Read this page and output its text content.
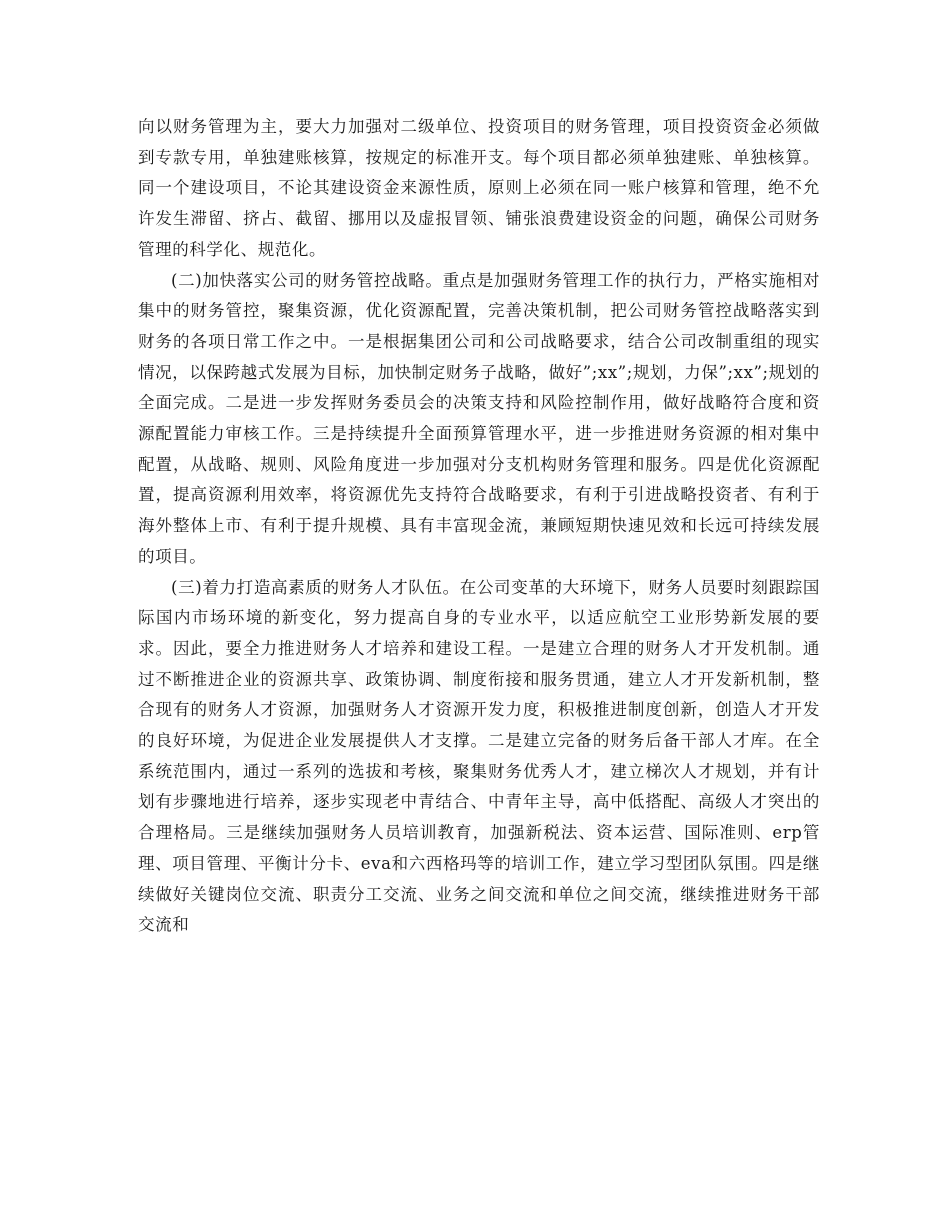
向以财务管理为主，要大力加强对二级单位、投资项目的财务管理，项目投资资金必须做到专款专用，单独建账核算，按规定的标准开支。每个项目都必须单独建账、单独核算。同一个建设项目，不论其建设资金来源性质，原则上必须在同一账户核算和管理，绝不允许发生滞留、挤占、截留、挪用以及虚报冒领、铺张浪费建设资金的问题，确保公司财务管理的科学化、规范化。

(二)加快落实公司的财务管控战略。重点是加强财务管理工作的执行力，严格实施相对集中的财务管控，聚集资源，优化资源配置，完善决策机制，把公司财务管控战略落实到财务的各项日常工作之中。一是根据集团公司和公司战略要求，结合公司改制重组的现实情况，以保跨越式发展为目标，加快制定财务子战略，做好”;xx”;规划，力保”;xx”;规划的全面完成。二是进一步发挥财务委员会的决策支持和风险控制作用，做好战略符合度和资源配置能力审核工作。三是持续提升全面预算管理水平，进一步推进财务资源的相对集中配置，从战略、规则、风险角度进一步加强对分支机构财务管理和服务。四是优化资源配置，提高资源利用效率，将资源优先支持符合战略要求，有利于引进战略投资者、有利于海外整体上市、有利于提升规模、具有丰富现金流，兼顾短期快速见效和长远可持续发展的项目。

(三)着力打造高素质的财务人才队伍。在公司变革的大环境下，财务人员要时刻跟踪国际国内市场环境的新变化，努力提高自身的专业水平，以适应航空工业形势新发展的要求。因此，要全力推进财务人才培养和建设工程。一是建立合理的财务人才开发机制。通过不断推进企业的资源共享、政策协调、制度衔接和服务贯通，建立人才开发新机制，整合现有的财务人才资源，加强财务人才资源开发力度，积极推进制度创新，创造人才开发的良好环境，为促进企业发展提供人才支撑。二是建立完备的财务后备干部人才库。在全系统范围内，通过一系列的选拔和考核，聚集财务优秀人才，建立梯次人才规划，并有计划有步骤地进行培养，逐步实现老中青结合、中青年主导，高中低搭配、高级人才突出的合理格局。三是继续加强财务人员培训教育，加强新税法、资本运营、国际准则、erp管理、项目管理、平衡计分卡、eva和六西格玛等的培训工作，建立学习型团队氛围。四是继续做好关键岗位交流、职责分工交流、业务之间交流和单位之间交流，继续推进财务干部交流和
